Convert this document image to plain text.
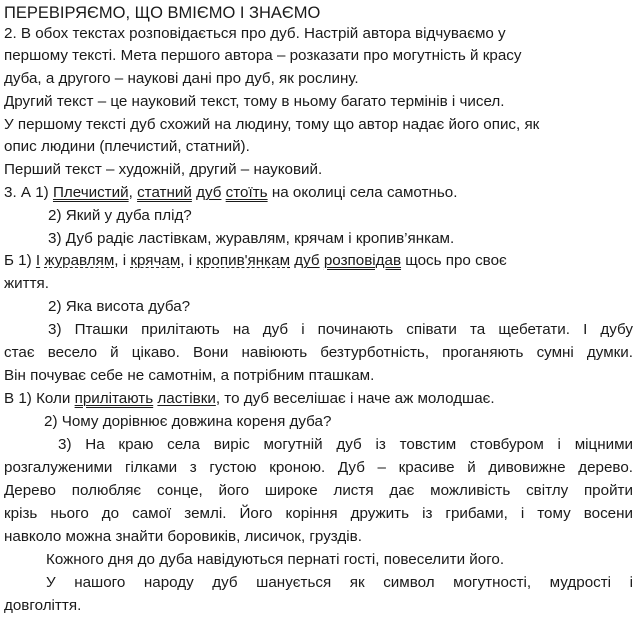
ПЕРЕВІРЯЄМО, ЩО ВМІЄМО І ЗНАЄМО
2. В обох текстах розповідається про дуб. Настрій автора відчуваємо у
першому тексті. Мета першого автора – розказати про могутність й красу
дуба, а другого – наукові дані про дуб, як рослину.
Другий текст – це науковий текст, тому в ньому багато термінів і чисел.
У першому тексті дуб схожий на людину, тому що автор надає його опис, як
опис людини (плечистий, статний).
Перший текст – художній, другий – науковий.
3. А 1) Плечистий, статний дуб стоїть на околиці села самотньо.
2) Який у дуба плід?
3) Дуб радіє ластівкам, журавлям, крячам і кропив’янкам.
Б 1) І журавлям, і крячам, і кропив'янкам дуб розповідав щось про своє
життя.
2) Яка висота дуба?
3) Пташки прилітають на дуб і починають співати та щебетати. І дубу
стає весело й цікаво. Вони навіюють безтурботність, проганяють сумні думки.
Він почуває себе не самотнім, а потрібним пташкам.
В 1) Коли прилітають ластівки, то дуб веселішає і наче аж молодшає.
2) Чому дорівнює довжина кореня дуба?
3) На краю села виріс могутній дуб із товстим стовбуром і міцними
розгалуженими гілками з густою кроною. Дуб – красиве й дивовижне дерево.
Дерево полюбляє сонце, його широке листя дає можливість світлу пройти
крізь нього до самої землі. Його коріння дружить із грибами, і тому восени
навколо можна знайти боровиків, лисичок, груздів.
Кожного дня до дуба навідуються пернаті гості, повеселити його.
У нашого народу дуб шанується як символ могутності, мудрості і
довголіття.
